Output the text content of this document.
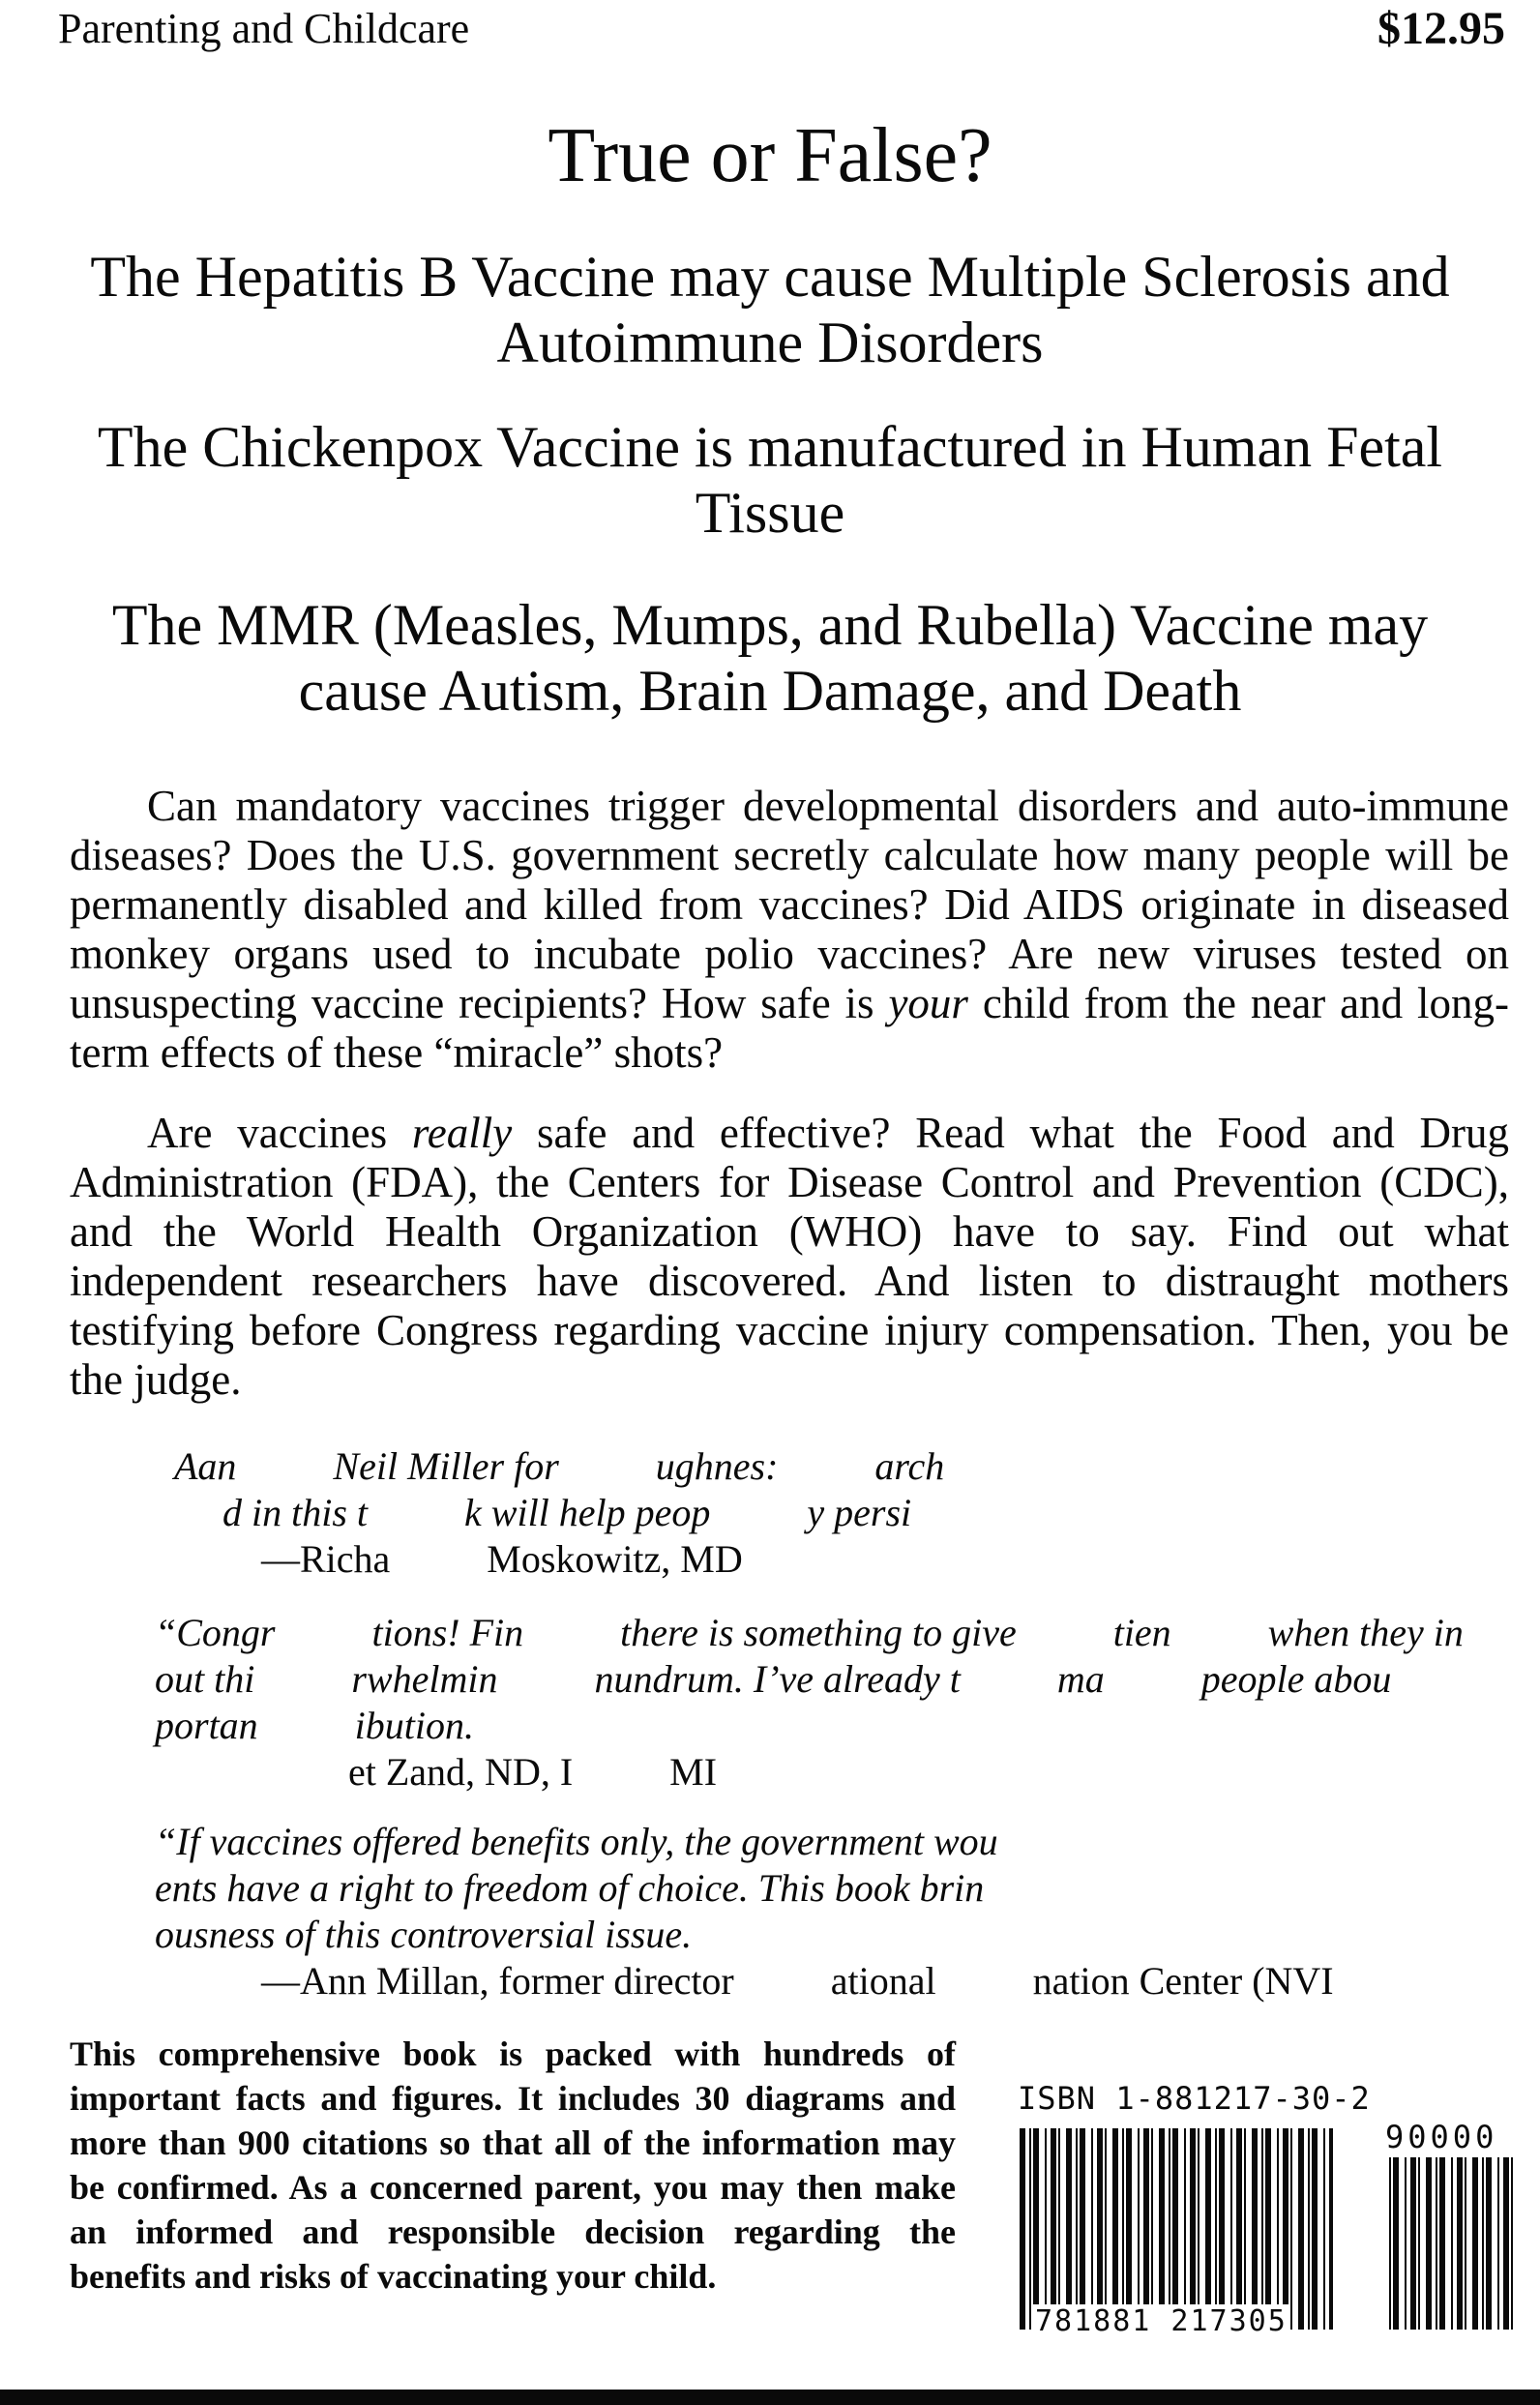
Parenting and Childcare	$12.95
True or False?
The Hepatitis B Vaccine may cause Multiple Sclerosis and Autoimmune Disorders
The Chickenpox Vaccine is manufactured in Human Fetal Tissue
The MMR (Measles, Mumps, and Rubella) Vaccine may cause Autism, Brain Damage, and Death
Can mandatory vaccines trigger developmental disorders and auto-immune diseases? Does the U.S. government secretly calculate how many people will be permanently disabled and killed from vaccines? Did AIDS originate in diseased monkey organs used to incubate polio vaccines? Are new viruses tested on unsuspecting vaccine recipients? How safe is your child from the near and long-term effects of these “miracle” shots?
Are vaccines really safe and effective? Read what the Food and Drug Administration (FDA), the Centers for Disease Control and Prevention (CDC), and the World Health Organization (WHO) have to say. Find out what independent researchers have discovered. And listen to distraught mothers testifying before Congress regarding vaccine injury compensation. Then, you be the judge.
Aan          Neil Miller for          ughnes:          arch
d in this t          k will help peop          y persi
—Richa          Moskowitz, MD
“Congr          tions! Fin          there is something to give          tien          when they in
out thi          rwhelmin          nundrum. I’ve already t          ma          people abou
portan          ibution.
et Zand, ND, I          MI
“If vaccines offered benefits only, the government wou
ents have a right to freedom of choice. This book brin
ousness of this controversial issue.
—Ann Millan, former director          ational          nation Center (NVI
This comprehensive book is packed with hundreds of important facts and figures. It includes 30 diagrams and more than 900 citations so that all of the information may be confirmed. As a concerned parent, you may then make an informed and responsible decision regarding the benefits and risks of vaccinating your child.
ISBN 1-881217-30-2
90000
781881 217305
